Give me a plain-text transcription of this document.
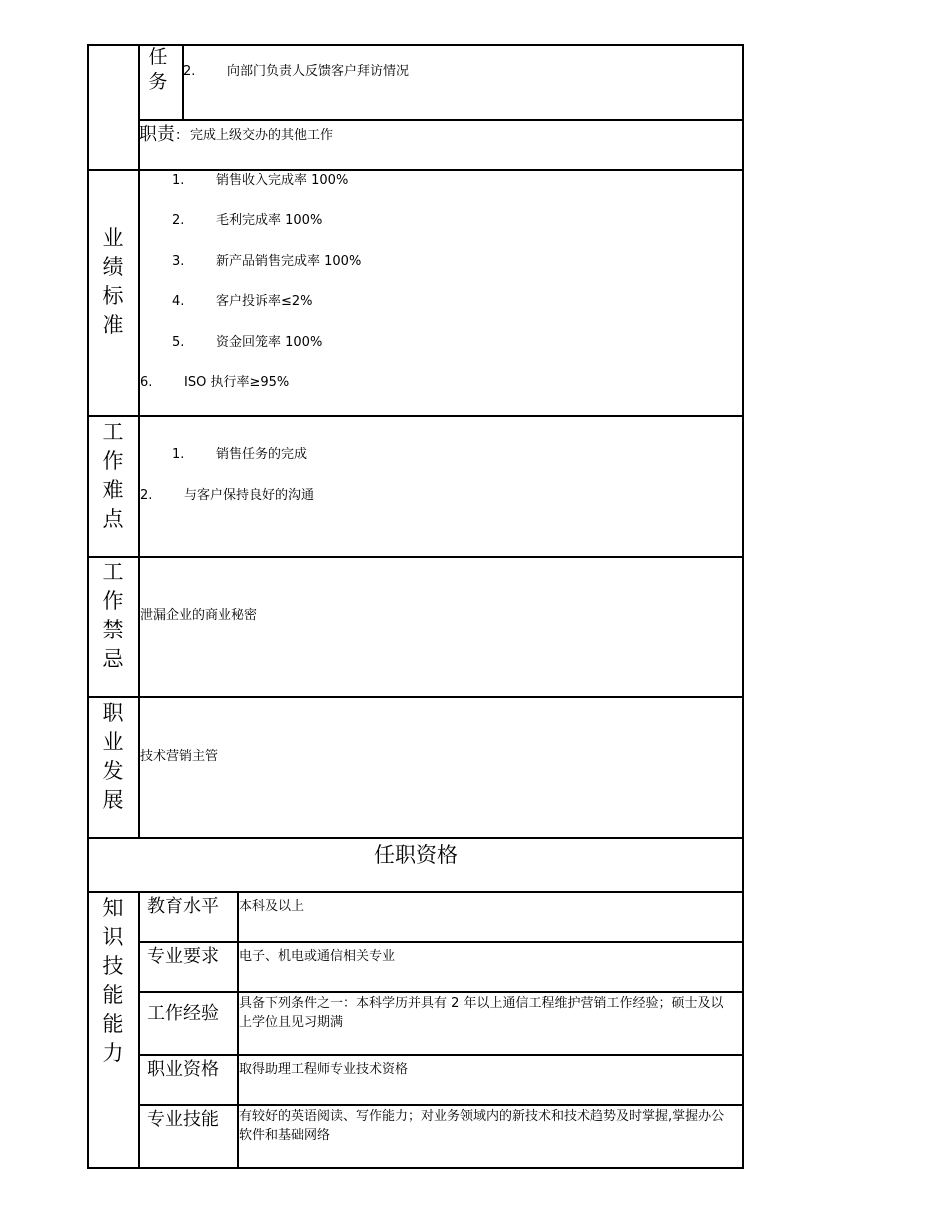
任务	2. 向部门负责人反馈客户拜访情况
职责 : 完成上级交办的其他工作
业绩标准
1. 销售收入完成率 100%
2. 毛利完成率 100%
3. 新产品销售完成率 100%
4. 客户投诉率≤2%
5. 资金回笼率 100%
6. ISO 执行率≥95%
工作难点
1. 销售任务的完成
2. 与客户保持良好的沟通
工作禁忌
泄漏企业的商业秘密
职业发展
技术营销主管
任职资格
知识技能能力
教育水平 本科及以上
专业要求 电子、机电或通信相关专业
工作经验 具备下列条件之一：本科学历并具有 2 年以上通信工程维护营销工作经验；硕士及以上学位且见习期满
职业资格 取得助理工程师专业技术资格
专业技能 有较好的英语阅读、写作能力；对业务领域内的新技术和技术趋势及时掌握,掌握办公软件和基础网络
